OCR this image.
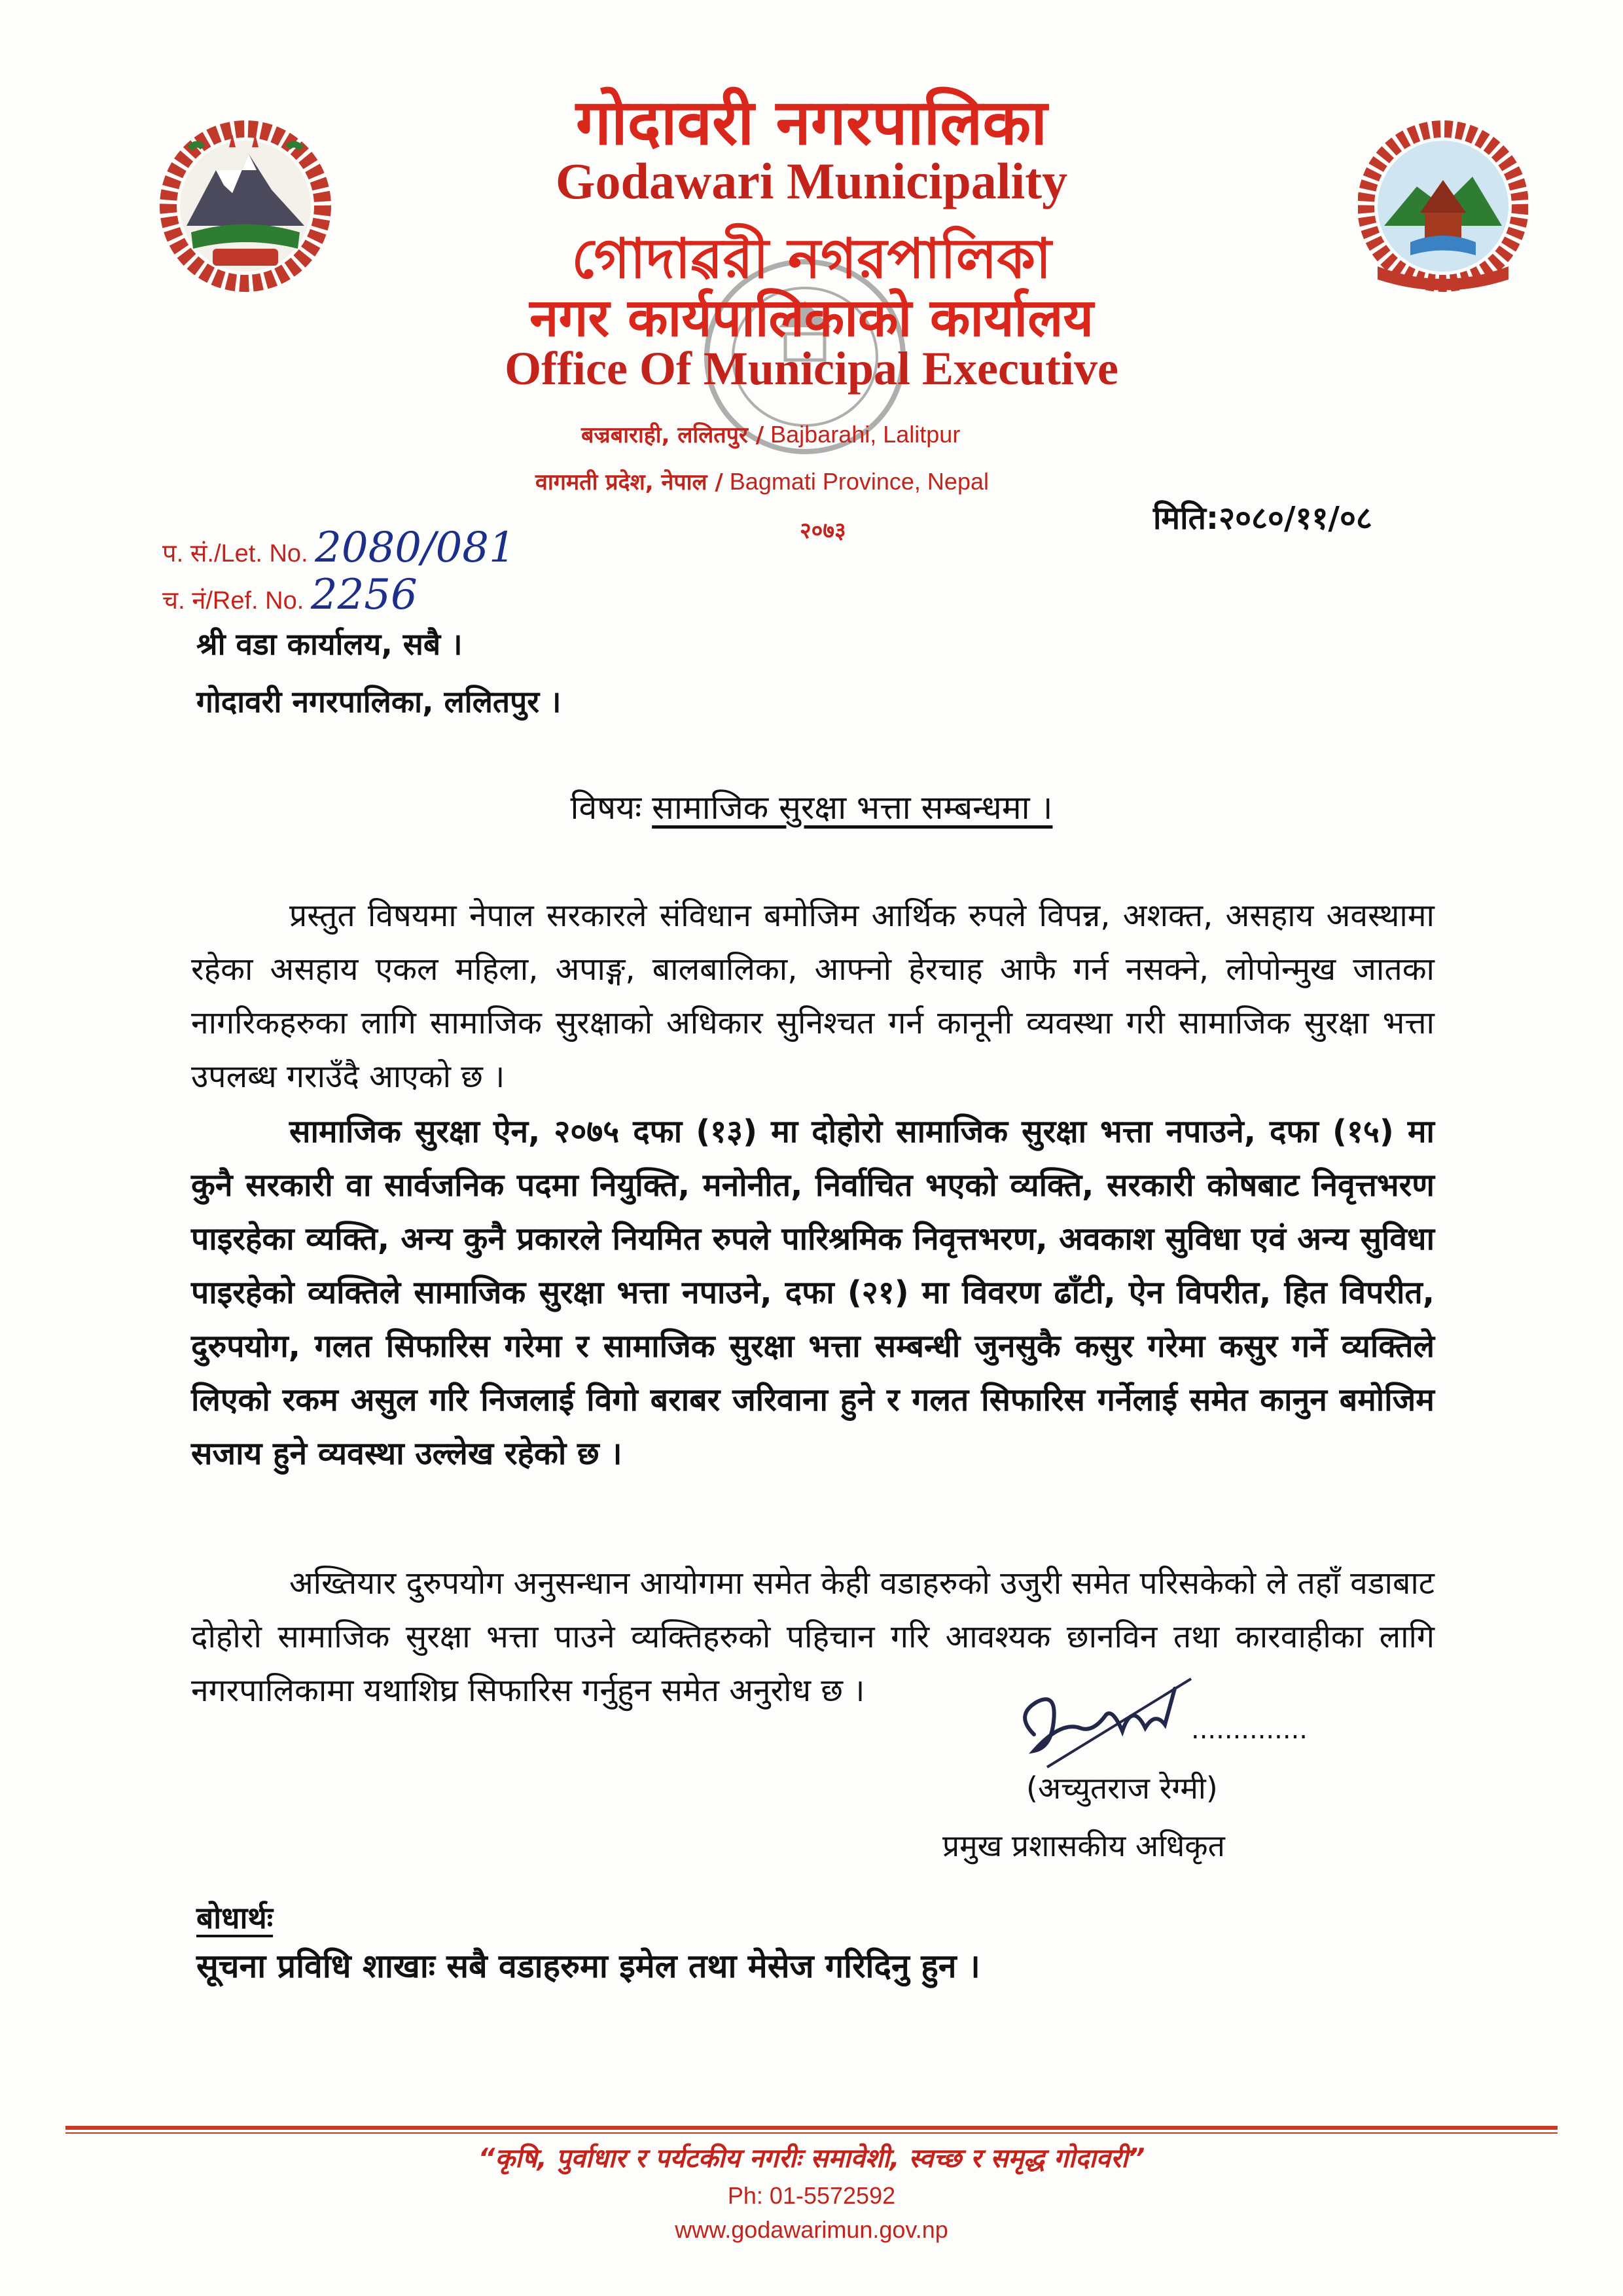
गोदावरी नगरपालिका
Godawari Municipality
গোদাৱরী নগরপালিকা
नगर कार्यपालिकाको कार्यालय
Office Of Municipal Executive
बज्रबाराही, ललितपुर / Bajbarahi, Lalitpur
वागमती प्रदेश, नेपाल / Bagmati Province, Nepal
२०७३
प. सं./Let. No. 2080/081
च. नं/Ref. No. 2256
मिति:२०८०/११/०८
श्री वडा कार्यालय, सबै ।
गोदावरी नगरपालिका, ललितपुर ।
विषयः सामाजिक सुरक्षा भत्ता सम्बन्धमा ।
प्रस्तुत विषयमा नेपाल सरकारले संविधान बमोजिम आर्थिक रुपले विपन्न, अशक्त, असहाय अवस्थामा रहेका असहाय एकल महिला, अपाङ्ग, बालबालिका, आफ्नो हेरचाह आफै गर्न नसक्ने, लोपोन्मुख जातका नागरिकहरुका लागि सामाजिक सुरक्षाको अधिकार सुनिश्चत गर्न कानूनी व्यवस्था गरी सामाजिक सुरक्षा भत्ता उपलब्ध गराउँदै आएको छ ।
सामाजिक सुरक्षा ऐन, २०७५ दफा (१३) मा दोहोरो सामाजिक सुरक्षा भत्ता नपाउने, दफा (१५) मा कुनै सरकारी वा सार्वजनिक पदमा नियुक्ति, मनोनीत, निर्वाचित भएको व्यक्ति, सरकारी कोषबाट निवृत्तभरण पाइरहेका व्यक्ति, अन्य कुनै प्रकारले नियमित रुपले पारिश्रमिक निवृत्तभरण, अवकाश सुविधा एवं अन्य सुविधा पाइरहेको व्यक्तिले सामाजिक सुरक्षा भत्ता नपाउने, दफा (२१) मा विवरण ढाँटी, ऐन विपरीत, हित विपरीत, दुरुपयोग, गलत सिफारिस गरेमा र सामाजिक सुरक्षा भत्ता सम्बन्धी जुनसुकै कसुर गरेमा कसुर गर्ने व्यक्तिले लिएको रकम असुल गरि निजलाई विगो बराबर जरिवाना हुने र गलत सिफारिस गर्नेलाई समेत कानुन बमोजिम सजाय हुने व्यवस्था उल्लेख रहेको छ ।
अख्तियार दुरुपयोग अनुसन्धान आयोगमा समेत केही वडाहरुको उजुरी समेत परिसकेको ले तहाँ वडाबाट दोहोरो सामाजिक सुरक्षा भत्ता पाउने व्यक्तिहरुको पहिचान गरि आवश्यक छानविन तथा कारवाहीका लागि नगरपालिकामा यथाशिघ्र सिफारिस गर्नुहुन समेत अनुरोध छ ।
..............
(अच्युतराज रेग्मी)
प्रमुख प्रशासकीय अधिकृत
बोधार्थः
सूचना प्रविधि शाखाः सबै वडाहरुमा इमेल तथा मेसेज गरिदिनु हुन ।
“कृषि, पुर्वाधार र पर्यटकीय नगरीः समावेशी, स्वच्छ र समृद्ध गोदावरी”
Ph: 01-5572592
www.godawarimun.gov.np
